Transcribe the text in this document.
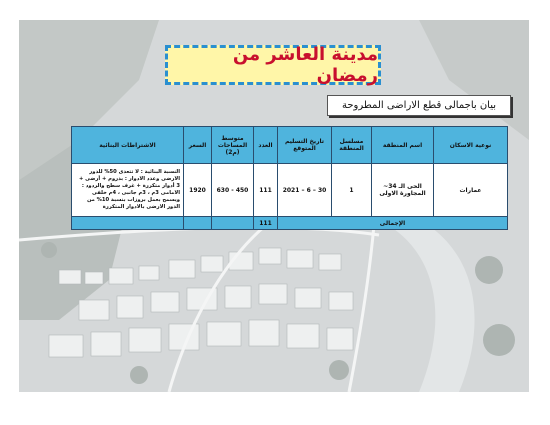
مدينة العاشر من رمضان
بيان باجمالى قطع الاراضى المطروحة
نوعية الاسكان	اسم المنطقة	مسلسل المنطقة	تاريخ التسليم المتوقع	العدد	متوسط المساحات (م2)	السعر	الاشتراطات البنائية
عمارات	الحى الـ 34~ المجاورة الاولى	1	30 – 6 – 2021	111	450 - 630	1920	النسبة البنائية : لا تتعدى 50% للدور الارضى وعدد الادوار : بدروم + أرضى + 3 أدوار متكررة + غرف سطح والردود : الامامى 3م ، 3م جانبى ، 4م خلفى ويسمح بعمل بروزات بنسبة 10% من الدور الارضى بالادوار المتكررة
الإجمالى				111			
